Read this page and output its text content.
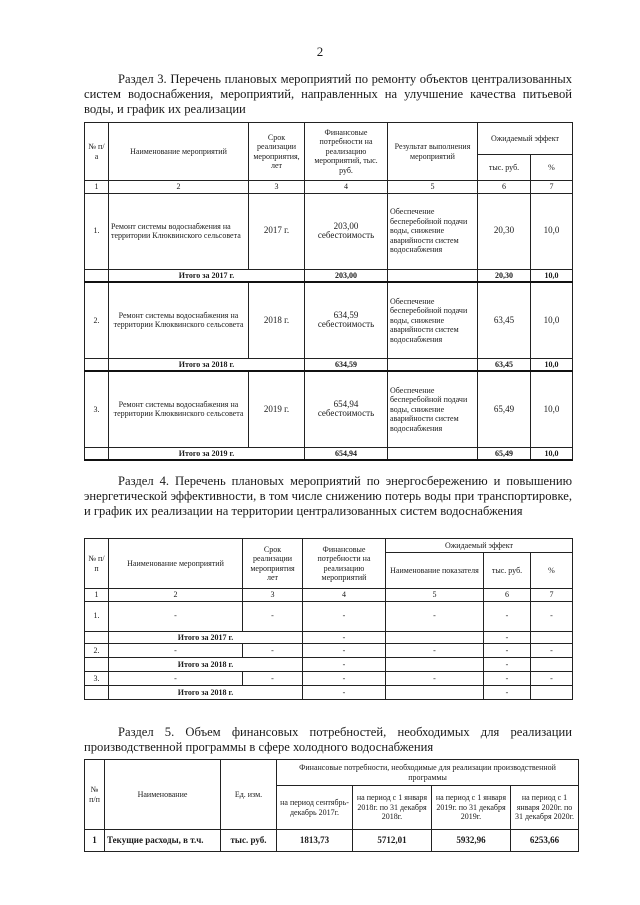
2
Раздел 3. Перечень плановых мероприятий по ремонту объектов централизованных систем водоснабжения, мероприятий, направленных на улучшение качества питьевой воды, и график их реализации
№ п/а	Наименование мероприятий	Срок реализации мероприятия, лет	Финансовые потребности на реализацию мероприятий, тыс. руб.	Результат выполнения мероприятий	Ожидаемый эффект	
					тыс. руб.	%
1	2	3	4	5	6	7
1.	Ремонт системы водоснабжения на территории Клюквинского сельсовета	2017 г.	203,00 себестоимость	Обеспечение бесперебойной подачи воды, снижение аварийности систем водоснабжения	20,30	10,0
	Итого за 2017 г.		203,00		20,30	10,0
2.	Ремонт системы водоснабжения на территории Клюквинского сельсовета	2018 г.	634,59 себестоимость	Обеспечение бесперебойной подачи воды, снижение аварийности систем водоснабжения	63,45	10,0
	Итого за 2018 г.		634,59		63,45	10,0
3.	Ремонт системы водоснабжения на территории Клюквинского сельсовета	2019 г.	654,94 себестоимость	Обеспечение бесперебойной подачи воды, снижение аварийности систем водоснабжения	65,49	10,0
	Итого за 2019 г.		654,94		65,49	10,0
Раздел 4. Перечень плановых мероприятий по энергосбережению и повышению энергетической эффективности, в том числе снижению потерь воды при транспортировке, и график их реализации на территории централизованных систем водоснабжения
№ п/п	Наименование мероприятий	Срок реализации мероприятия лет	Финансовые потребности на реализацию мероприятий	Ожидаемый эффект		
				Наименование показателя	тыс. руб.	%
1	2	3	4	5	6	7
1.	-	-	-	-	-	-
	Итого за 2017 г.		-		-	
2.	-	-	-	-	-	-
	Итого за 2018 г.		-		-	
3.	-	-	-	-	-	-
	Итого за 2018 г.		-		-	
Раздел 5. Объем финансовых потребностей, необходимых для реализации производственной программы в сфере холодного водоснабжения
№ п/п	Наименование	Ед. изм.	Финансовые потребности, необходимые для реализации производственной программы			
			на период сентябрь-декабрь 2017г.	на период с 1 января 2018г. по 31 декабря 2018г.	на период с 1 января 2019г. по 31 декабря 2019г.	на период с 1 января 2020г. по 31 декабря 2020г.
1	Текущие расходы, в т.ч.	тыс. руб.	1813,73	5712,01	5932,96	6253,66
